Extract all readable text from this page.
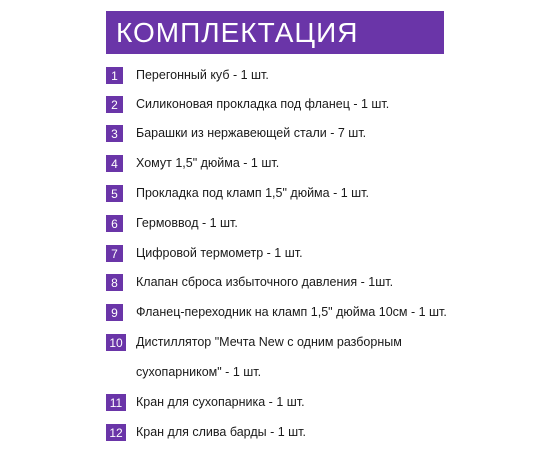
КОМПЛЕКТАЦИЯ
1	Перегонный куб - 1 шт.
2	Силиконовая прокладка под фланец - 1 шт.
3	Барашки из нержавеющей стали - 7 шт.
4	Хомут 1,5" дюйма - 1 шт.
5	Прокладка под кламп 1,5" дюйма - 1 шт.
6	Гермоввод - 1 шт.
7	Цифровой термометр - 1 шт.
8	Клапан сброса избыточного давления - 1шт.
9	Фланец-переходник на кламп 1,5" дюйма 10см - 1 шт.
10 Дистиллятор "Мечта New с одним разборным
сухопарником" - 1 шт.
11	Кран для сухопарника - 1 шт.
12 Кран для слива барды - 1 шт.
